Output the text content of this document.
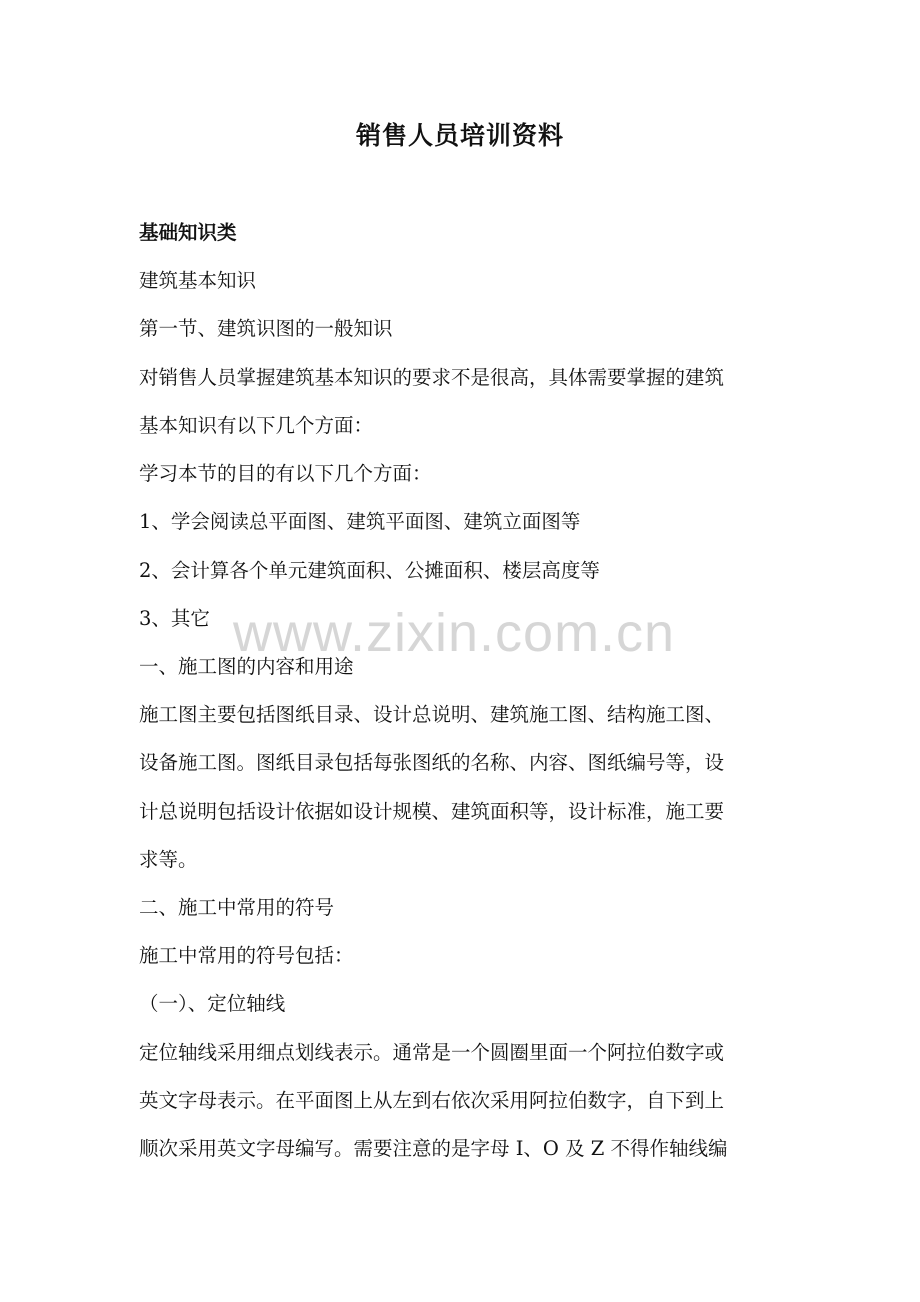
销售人员培训资料
基础知识类
建筑基本知识
第一节、建筑识图的一般知识
对销售人员掌握建筑基本知识的要求不是很高，具体需要掌握的建筑
基本知识有以下几个方面：
学习本节的目的有以下几个方面：
1、学会阅读总平面图、建筑平面图、建筑立面图等
2、会计算各个单元建筑面积、公摊面积、楼层高度等
3、其它
一、施工图的内容和用途
施工图主要包括图纸目录、设计总说明、建筑施工图、结构施工图、
设备施工图。图纸目录包括每张图纸的名称、内容、图纸编号等，设
计总说明包括设计依据如设计规模、建筑面积等，设计标准，施工要
求等。
二、施工中常用的符号
施工中常用的符号包括：
（一）、定位轴线
定位轴线采用细点划线表示。通常是一个圆圈里面一个阿拉伯数字或
英文字母表示。在平面图上从左到右依次采用阿拉伯数字，自下到上
顺次采用英文字母编写。需要注意的是字母 I、O 及 Z 不得作轴线编
www.zixin.com.cn
